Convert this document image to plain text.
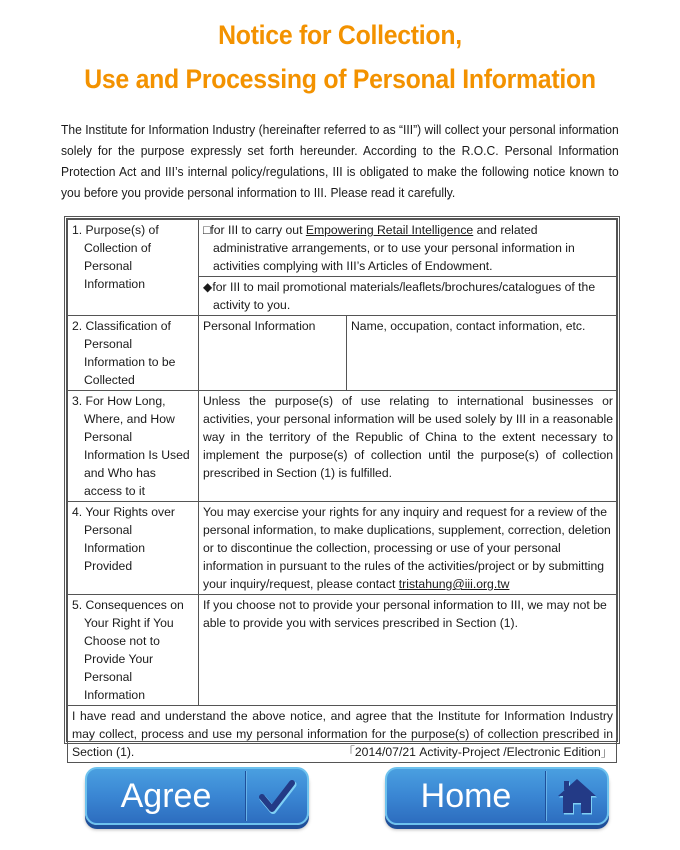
Notice for Collection,
Use and Processing of Personal Information
The Institute for Information Industry (hereinafter referred to as “III”) will collect your personal information solely for the purpose expressly set forth hereunder. According to the R.O.C. Personal Information Protection Act and III’s internal policy/regulations, III is obligated to make the following notice known to you before you provide personal information to III. Please read it carefully.
1. Purpose(s) of Collection of Personal Information	□for III to carry out Empowering Retail Intelligence and related administrative arrangements, or to use your personal information in activities complying with III’s Articles of Endowment.	

	◆for III to mail promotional materials/leaflets/brochures/catalogues of the activity to you.	

2. Classification of Personal Information to be Collected	Personal Information	Name, occupation, contact information, etc.

3. For How Long, Where, and How Personal Information Is Used and Who has access to it	Unless the purpose(s) of use relating to international businesses or activities, your personal information will be used solely by III in a reasonable way in the territory of the Republic of China to the extent necessary to implement the purpose(s) of collection until the purpose(s) of collection prescribed in Section (1) is fulfilled.	

4. Your Rights over Personal Information Provided	You may exercise your rights for any inquiry and request for a review of the personal information, to make duplications, supplement, correction, deletion or to discontinue the collection, processing or use of your personal information in pursuant to the rules of the activities/project or by submitting your inquiry/request, please contact tristahung@iii.org.tw	

5. Consequences on Your Right if You Choose not to Provide Your Personal Information	If you choose not to provide your personal information to III, we may not be able to provide you with services prescribed in Section (1).	
I have read and understand the above notice, and agree that the Institute for Information Industry may collect, process and use my personal information for the purpose(s) of collection prescribed in Section (1). 「2014/07/21 Activity-Project /Electronic Edition」		
Agree	Home
